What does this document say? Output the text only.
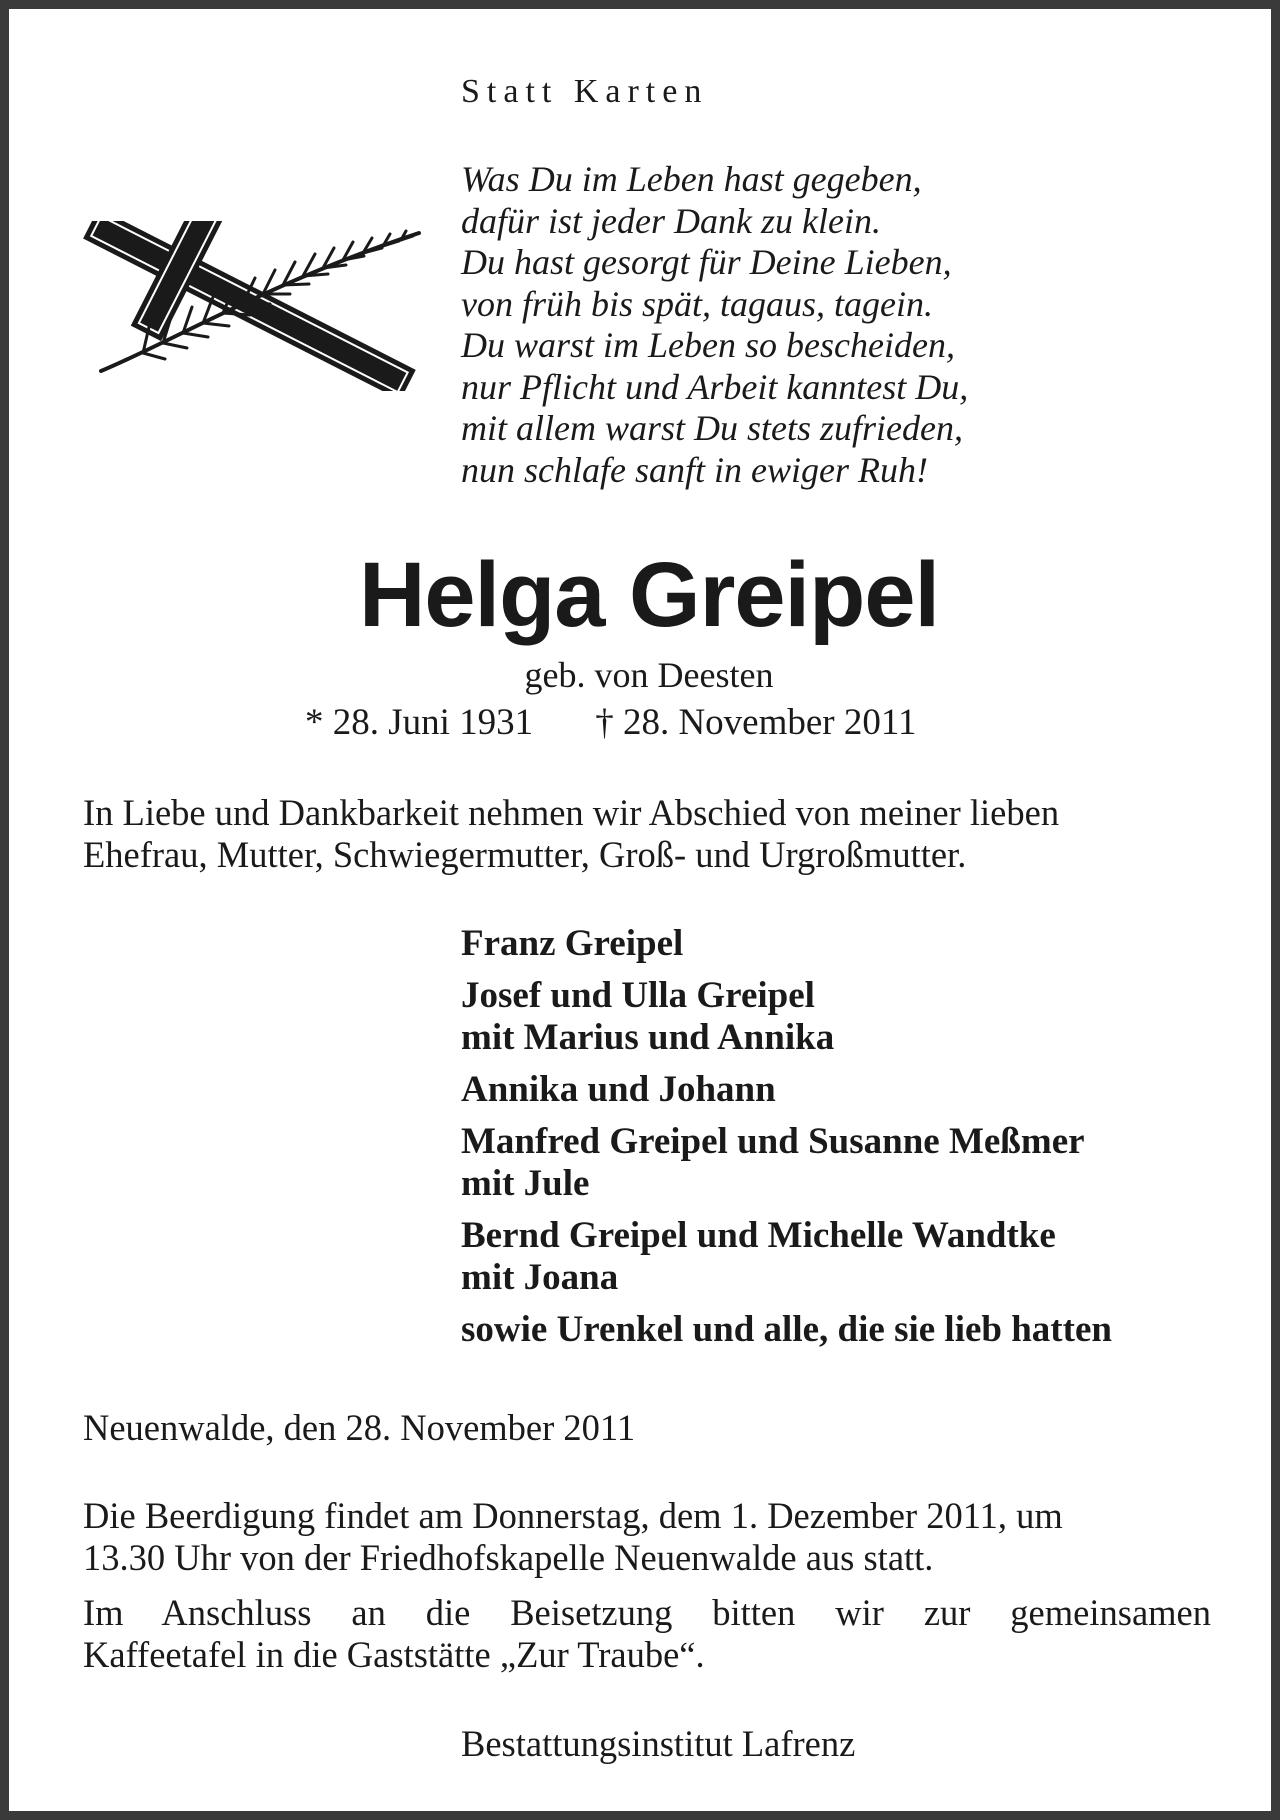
Statt Karten
Was Du im Leben hast gegeben,
dafür ist jeder Dank zu klein.
Du hast gesorgt für Deine Lieben,
von früh bis spät, tagaus, tagein.
Du warst im Leben so bescheiden,
nur Pflicht und Arbeit kanntest Du,
mit allem warst Du stets zufrieden,
nun schlafe sanft in ewiger Ruh!
Helga Greipel
geb. von Deesten
* 28. Juni 1931 † 28. November 2011
In Liebe und Dankbarkeit nehmen wir Abschied von meiner lieben
Ehefrau, Mutter, Schwiegermutter, Groß- und Urgroßmutter.
Franz Greipel
Josef und Ulla Greipel
mit Marius und Annika
Annika und Johann
Manfred Greipel und Susanne Meßmer
mit Jule
Bernd Greipel und Michelle Wandtke
mit Joana
sowie Urenkel und alle, die sie lieb hatten
Neuenwalde, den 28. November 2011
Die Beerdigung findet am Donnerstag, dem 1. Dezember 2011, um
13.30 Uhr von der Friedhofskapelle Neuenwalde aus statt.
Im Anschluss an die Beisetzung bitten wir zur gemeinsamen
Kaffeetafel in die Gaststätte „Zur Traube“.
Bestattungsinstitut Lafrenz
